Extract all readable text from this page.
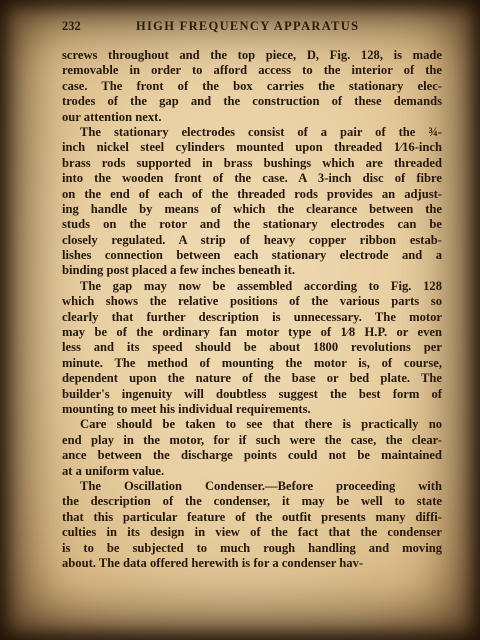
232	HIGH FREQUENCY APPARATUS
screws throughout and the top piece, D, Fig. 128, is made
removable in order to afford access to the interior of the
case. The front of the box carries the stationary elec-
trodes of the gap and the construction of these demands
our attention next.
The stationary electrodes consist of a pair of the ¾-
inch nickel steel cylinders mounted upon threaded 1⁄16-inch
brass rods supported in brass bushings which are threaded
into the wooden front of the case. A 3-inch disc of fibre
on the end of each of the threaded rods provides an adjust-
ing handle by means of which the clearance between the
studs on the rotor and the stationary electrodes can be
closely regulated. A strip of heavy copper ribbon estab-
lishes connection between each stationary electrode and a
binding post placed a few inches beneath it.
The gap may now be assembled according to Fig. 128
which shows the relative positions of the various parts so
clearly that further description is unnecessary. The motor
may be of the ordinary fan motor type of 1⁄8 H.P. or even
less and its speed should be about 1800 revolutions per
minute. The method of mounting the motor is, of course,
dependent upon the nature of the base or bed plate. The
builder's ingenuity will doubtless suggest the best form of
mounting to meet his individual requirements.
Care should be taken to see that there is practically no
end play in the motor, for if such were the case, the clear-
ance between the discharge points could not be maintained
at a uniform value.
The Oscillation Condenser.—Before proceeding with
the description of the condenser, it may be well to state
that this particular feature of the outfit presents many diffi-
culties in its design in view of the fact that the condenser
is to be subjected to much rough handling and moving
about. The data offered herewith is for a condenser hav-
